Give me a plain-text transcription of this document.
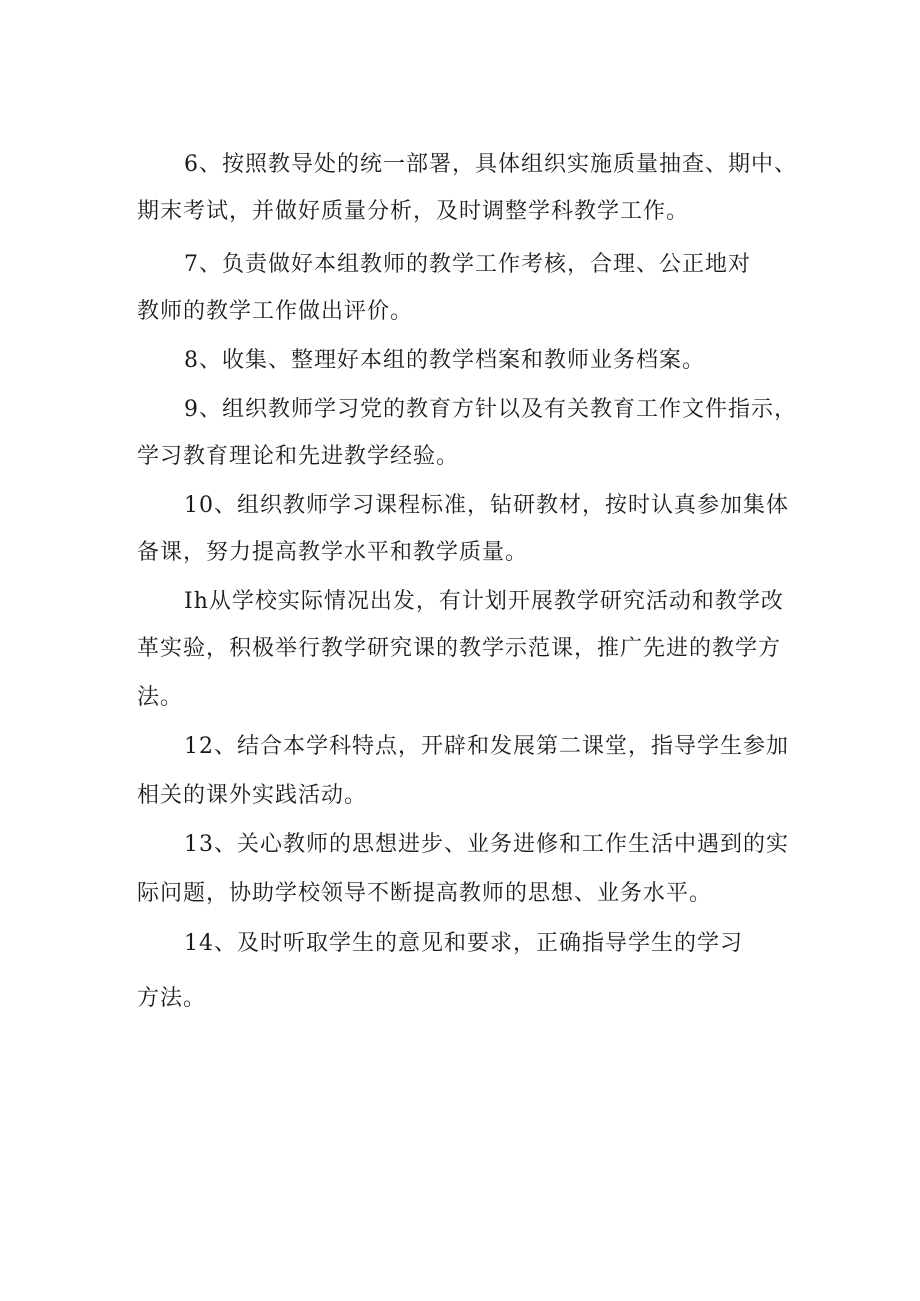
6、按照教导处的统一部署，具体组织实施质量抽查、期中、
期末考试，并做好质量分析，及时调整学科教学工作。
7、负责做好本组教师的教学工作考核，合理、公正地对
教师的教学工作做出评价。
8、收集、整理好本组的教学档案和教师业务档案。
9、组织教师学习党的教育方针以及有关教育工作文件指示，
学习教育理论和先进教学经验。
10、组织教师学习课程标准，钻研教材，按时认真参加集体
备课，努力提高教学水平和教学质量。
Ih从学校实际情况出发，有计划开展教学研究活动和教学改
革实验，积极举行教学研究课的教学示范课，推广先进的教学方
法。
12、结合本学科特点，开辟和发展第二课堂，指导学生参加
相关的课外实践活动。
13、关心教师的思想进步、业务进修和工作生活中遇到的实
际问题，协助学校领导不断提高教师的思想、业务水平。
14、及时听取学生的意见和要求，正确指导学生的学习
方法。
